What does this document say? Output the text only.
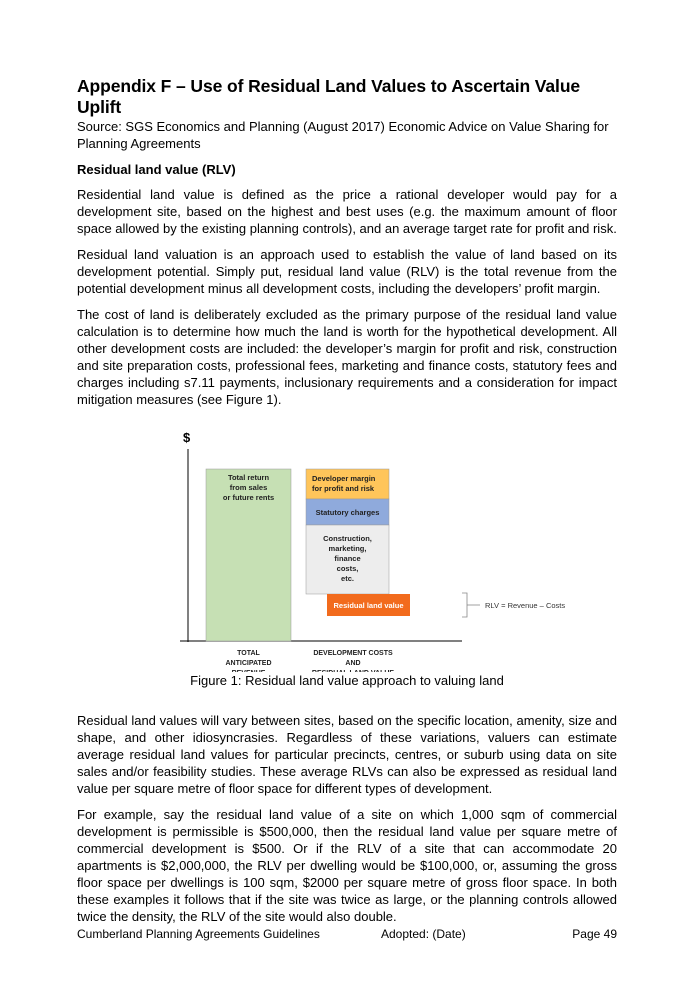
Appendix F – Use of Residual Land Values to Ascertain Value Uplift
Source: SGS Economics and Planning (August 2017) Economic Advice on Value Sharing for Planning Agreements
Residual land value (RLV)

Residential land value is defined as the price a rational developer would pay for a development site, based on the highest and best uses (e.g. the maximum amount of floor space allowed by the existing planning controls), and an average target rate for profit and risk.

Residual land valuation is an approach used to establish the value of land based on its development potential. Simply put, residual land value (RLV) is the total revenue from the potential development minus all development costs, including the developers’ profit margin.

The cost of land is deliberately excluded as the primary purpose of the residual land value calculation is to determine how much the land is worth for the hypothetical development. All other development costs are included: the developer’s margin for profit and risk, construction and site preparation costs, professional fees, marketing and finance costs, statutory fees and charges including s7.11 payments, inclusionary requirements and a consideration for impact mitigation measures (see Figure 1).

$
Total return
from sales
or future rents
Developer margin
for profit and risk
Statutory charges
Construction,
marketing,
finance
costs,
etc.
Residual land value	RLV = Revenue – Costs
TOTAL
ANTICIPATED
DEVELOPMENT COSTS
AND
Figure 1: Residual land value approach to valuing land

Residual land values will vary between sites, based on the specific location, amenity, size and shape, and other idiosyncrasies. Regardless of these variations, valuers can estimate average residual land values for particular precincts, centres, or suburb using data on site sales and/or feasibility studies. These average RLVs can also be expressed as residual land value per square metre of floor space for different types of development.

For example, say the residual land value of a site on which 1,000 sqm of commercial development is permissible is $500,000, then the residual land value per square metre of commercial development is $500. Or if the RLV of a site that can accommodate 20 apartments is $2,000,000, the RLV per dwelling would be $100,000, or, assuming the gross floor space per dwellings is 100 sqm, $2000 per square metre of gross floor space. In both these examples it follows that if the site was twice as large, or the planning controls allowed twice the density, the RLV of the site would also double.

Cumberland Planning Agreements Guidelines	Adopted: (Date)	Page 49
